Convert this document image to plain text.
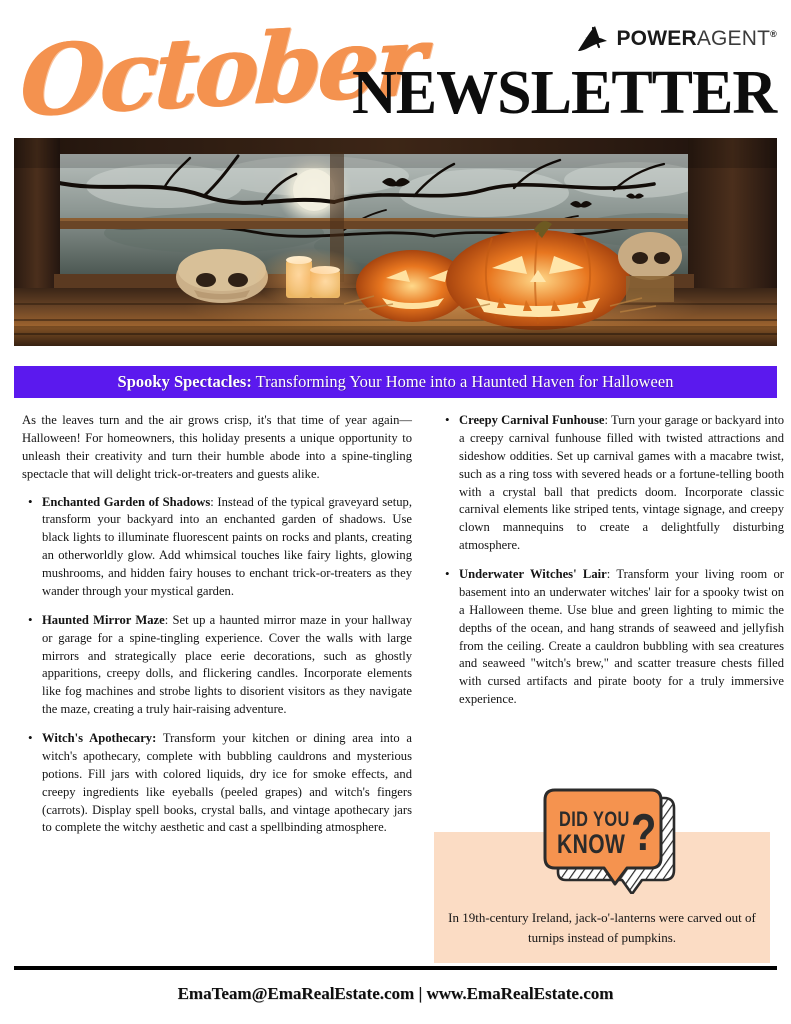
POWERAGENT®
October
NEWSLETTER
Spooky Spectacles: Transforming Your Home into a Haunted Haven for Halloween

As the leaves turn and the air grows crisp, it's that time of year again—Halloween! For homeowners, this holiday presents a unique opportunity to unleash their creativity and turn their humble abode into a spine-tingling spectacle that will delight trick-or-treaters and guests alike.

• Enchanted Garden of Shadows: Instead of the typical graveyard setup, transform your backyard into an enchanted garden of shadows. Use black lights to illuminate fluorescent paints on rocks and plants, creating an otherworldly glow. Add whimsical touches like fairy lights, glowing mushrooms, and hidden fairy houses to enchant trick-or-treaters as they wander through your mystical garden.
• Haunted Mirror Maze: Set up a haunted mirror maze in your hallway or garage for a spine-tingling experience. Cover the walls with large mirrors and strategically place eerie decorations, such as ghostly apparitions, creepy dolls, and flickering candles. Incorporate elements like fog machines and strobe lights to disorient visitors as they navigate the maze, creating a truly hair-raising adventure.
• Witch's Apothecary: Transform your kitchen or dining area into a witch's apothecary, complete with bubbling cauldrons and mysterious potions. Fill jars with colored liquids, dry ice for smoke effects, and creepy ingredients like eyeballs (peeled grapes) and witch's fingers (carrots). Display spell books, crystal balls, and vintage apothecary jars to complete the witchy aesthetic and cast a spellbinding atmosphere.
• Creepy Carnival Funhouse: Turn your garage or backyard into a creepy carnival funhouse filled with twisted attractions and sideshow oddities. Set up carnival games with a macabre twist, such as a ring toss with severed heads or a fortune-telling booth with a crystal ball that predicts doom. Incorporate classic carnival elements like striped tents, vintage signage, and creepy clown mannequins to create a delightfully disturbing atmosphere.
• Underwater Witches' Lair: Transform your living room or basement into an underwater witches' lair for a spooky twist on a Halloween theme. Use blue and green lighting to mimic the depths of the ocean, and hang strands of seaweed and jellyfish from the ceiling. Create a cauldron bubbling with sea creatures and seaweed "witch's brew," and scatter treasure chests filled with cursed artifacts and pirate booty for a truly immersive experience.
In 19th-century Ireland, jack-o'-lanterns were carved out of turnips instead of pumpkins.
DID YOU
KNOW ?
EmaTeam@EmaRealEstate.com | www.EmaRealEstate.com
